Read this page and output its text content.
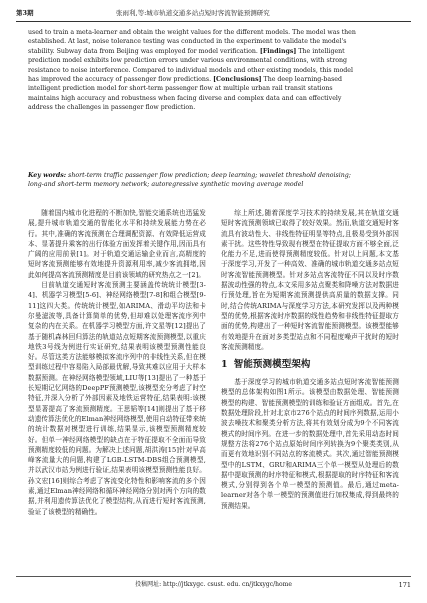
第3期	张雨利,等:城市轨道交通多站点短时客流智能预测研究

used to train a meta-learner and obtain the weight values for the different models. The model was then

established. At last, noise tolerance testing was conducted in the experiment to validate the model's

stability. Subway data from Beijing was employed for model verification. [Findings] The intelligent

prediction model exhibits low prediction errors under various environmental conditions, with strong

resistance to noise interference. Compared to individual models and other existing models, this model

has improved the accuracy of passenger flow predictions. [Conclusions] The deep learning-based

intelligent prediction model for short-term passenger flow at multiple urban rail transit stations

maintains high accuracy and robustness when facing diverse and complex data and can effectively

address the challenges in passenger flow prediction.

Key words: short-term traffic passenger flow prediction; deep learning; wavelet threshold denoising;
long-and short-term memory network; autoregressive synthetic moving average model

随着国内城市化进程的不断加快,智能交通系统也迅猛发展,提升城市轨道交通的智能化水平和持续发展能力势在必行。其中,准确的客流预测在合理调配资源、有效降低运营成本、显著提升乘客的出行体验方面发挥着关键作用,因而具有广阔的应用前景[1]。对于轨道交通运输企业而言,高精度的短时客流预测能够有效地提升资源利用率,减少客流拥堵,因此如何提高客流预测精度是目前该领域的研究热点之一[2]。

目前轨道交通短时客流预测主要涵盖传统统计模型[3-4]、机器学习模型[5-6]、神经网络模型[7-8]和组合模型[9-11]这四大类。传统统计模型,如ARIMA、滑动平均法和卡尔曼滤波等,具备计算简单的优势,但却难以处理客流序列中复杂的内在关系。在机器学习模型方面,许文星等[12]提出了基于随机森林回归算法的轨道站点短期客流预测模型,以重庆地铁3号线为例进行实证研究,结果表明该模型预测性能良好。尽管这类方法能够模拟客流序列中的非线性关系,但在模型训练过程中容易陷入局部最优解,导致其难以应用于大样本数据预测。在神经网络模型领域,LIU等[13]提出了一种基于长短期记忆网络的DeepPF预测模型,该模型充分考虑了时空特征,并深入分析了外部因素及地铁运营特征,结果表明:该模型显著提高了客流预测精度。王思韬等[14]则提出了基于移动遗传算法优化的Elman神经网络模型,使用自动特征带来统的统计数据对模型进行训练,结果显示,该模型预测精度较好。但单一神经网络模型的缺点在于特征提取不全面而导致预测精度较低的问题。为解决上述问题,胡洪涛[15]针对早高峰客流量大的问题,构建了LGB-LSTM-DBS组合预测模型,并以武汉市站为例进行验证,结果表明该模型预测性能良好。孙文宏[16]则综合考虑了客流变化特性和影响客流的多个因素,通过Elman神经网络和循环神经网络分别对两个方向的数据,并利用遗传算法优化了模型结构,从而进行短时客流预测,验证了该模型的精确性。

综上所述,随着深度学习技术的持续发展,其在轨道交通短时客流预测领域已取得了较好效果。然而,轨道交通短时客流具有波动性大、非线性特征明显等特点,且极易受到外部因素干扰。这些特性导致现有模型在特征提取方面不够全面,泛化能力不足,进而使得预测精度较低。针对以上问题,本文基于深度学习,开发了一种高效、准确的城市轨道交通多站点短时客流智能预测模型。针对多站点客流特征不同以及时序数据波动性强的特点,本文采用多站点聚类和降噪方法对数据进行预处理,旨在为短期客流预测提供高质量的数据支撑。同时,结合传统ARIMA与深度学习方法,本研究发挥以及两种模型的优势,根据客流时序数据的线性趋势和非线性特征提取方面的优势,构建出了一种短时客流智能预测模型。该模型能够有效地提升在面对多类型站点和不同程度噪声干扰时的短时客流预测精度。

1 智能预测模型架构

基于深度学习的城市轨道交通多站点短时客流智能预测模型的总体架构如图1所示。该模型由数据处理、智能预测模型的构建、智能预测模型的训练和验证方面组成。首先,在数据处理阶段,针对北京市276个站点的时间序列数据,运用小波去噪技术和聚类分析方法,将其有效划分成为9个不同客流模式的时间序列。在进一步的数据处理中,首先采用动态时间规整方法将276个站点原始时间序列转换为9个聚类类别,从而更有效地识别不同站点的客流模式。其次,通过智能预测模型中的LSTM、GRU和ARIMA三个单一模型从处理后的数据中提取预测的时序特征和模式,根据提取的时序特征和客流模式,分别得到各个单一模型的预测值。最后,通过meta-learner对各个单一模型的预测值进行加权集成,得到最终的预测结果。

投稿网址: http://jtkxygc. csust. edu. cn/jtkxygc/home	171
